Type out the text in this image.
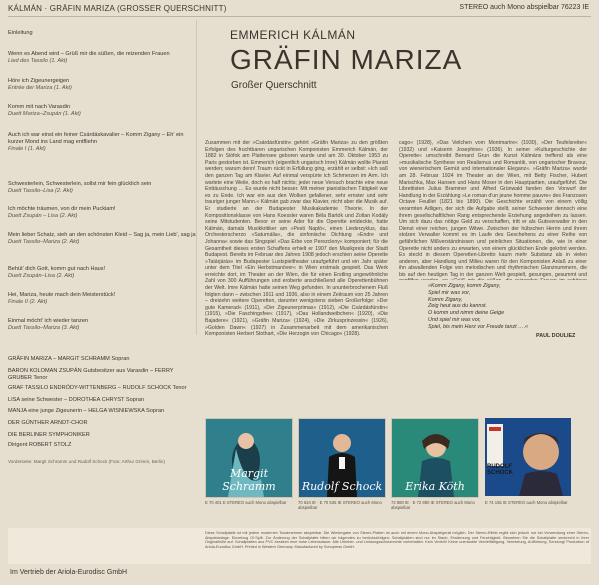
KÁLMÁN · GRÄFIN MARIZA (GROSSER QUERSCHNITT)	STEREO auch Mono abspielbar 76223 IE
Einleitung
Wenn es Abend wird – Grüß mir die süßen, die reizenden Frauen
Lied des Tassilo (1. Akt)
Höre ich Zigeunergeigen
Entrée der Mariza (1. Akt)
Komm mit nach Varasdin
Duett Mariza–Zsupán (1. Akt)
Auch ich war einst ein feiner Csárdáskavalier – Komm Zigany – Eh' ein kurzer Mond ins Land mag entfliehn
Finale I (1. Akt)
Schwesterlein, Schwesterlein, sollst mir fein glücklich sein
Duett Tassilo–Lisa (2. Akt)
Ich möchte träumen, von dir mein Puckiam!
Duett Zsupán – Lisa (2. Akt)
Mein lieber Schatz, sieh an den schönsten Kleid – Sag ja, mein Lieb', sag ja
Duett Tassilo–Mariza (2. Akt)
Behüt' dich Gott, komm gut nach Haus!
Duett Zsupán–Lisa (2. Akt)
Hei, Mariza, heute mach dein Meisterstück!
Finale II (2. Akt)
Einmal möcht' ich wieder tanzen
Duett Tassilo–Mariza (3. Akt)
EMMERICH KÁLMÁN
GRÄFIN MARIZA
Großer Querschnitt
Zusammen mit der »Csárdásfürstin« gehört »Gräfin Mariza« zu den größten Erfolgen des fruchtbaren ungarischen Komponisten Emmerich Kálmán, der 1882 in Siófok am Plattensee geboren wurde und am 30. Oktober 1953 zu Paris gestorben ist. Emmerich (eigentlich ungarisch Imre) Kálmán wollte Pianist werden; warum denn! Traum rückt in Erfüllung ging, erzählt er selbst: »Ich saß den ganzen Tag am Klavier. Auf einmal verspürte ich Schmerzen im Arm. Ich wartete eine Weile, doch es half nichts; jeder neue Versuch brachte eine neue Enttäuschung … Es wurde nicht besser. Mit meiner pianistischen Tätigkeit war es zu Ende. Ich war ein aus den Wolken gefallener, sehr ernster und sehr trauriger junger Mann.« Kálmán gab zwar das Klavier, nicht aber die Musik auf. Er studierte an der Budapester Musikakademie Theorie. In der Kompositionsklasse von Hans Koessler waren Béla Bartók und Zoltan Kodály seine Mitstudenten. Bevor er seine Ader für die Operette entdeckte, hatte Kálmán, damals Musikkritiker am »Pesti Napló«, einen Liederzyklus, das Orchesterscherzo »Saturnália«, die sinfonische Dichtung »Endre und Johanna« sowie das Singspiel »Das Erbe von Perezcleny« komponiert; für die Gesamtheit dieses ersten Schaffens erhielt er 1907 den Musikpreis der Stadt Budapest. Bereits im Februar des Jahres 1908 jedoch erschien seine Operette »Tatárjárás« im Budapester Lustspieltheater uraufgeführt und ein Jahr später unter dem Titel »Ein Herbstmanöver« in Wien erstmals gespielt. Das Werk erreichte dort, im Theater an der Wien, die für einen Erstling ungewöhnliche Zahl von 300 Aufführungen und eroberte anschließend alle Operettenbühnen der Welt. Imre Kálmán hatte seinen Weg gefunden. In ununterbrochenem Fluß folgten dann – zwischen 1911 und 1936, also in einem Zeitraum von 25 Jahren – dreizehn weitere Operetten, darunter wenigstens sieben Großerfolge: »Der gute Kamerad« (1911), »Der Zigeunerprimas« (1912), »Die Csárdásfürstin« (1915), »Die Faschingsfee« (1917), »Das Hollandweibchen« (1920), »Die Bajadere« (1921), »Gräfin Mariza« (1924), »Die Zirkusprinzessin« (1926), »Golden Dawn« (1927) in Zusammenarbeit mit dem amerikanischen Komponisten Herbert Stothart, »Die Herzogin von Chicago« (1928).
cago« (1928), »Das Veilchen vom Montmartre« (1930), »Der Teufelsreiter« (1932) und »Kaiserin Josephine« (1936). In seiner »Kulturgeschichte der Operette« umschreibt Bernard Grun die Kunst Kálmáns treffend als eine »musikalische Synthese von Realismus und Romantik, von ungarischer Bravour, von wienerischem Gemüt und internationaler Eleganz«. »Gräfin Mariza« wurde am 28. Februar 1924 im Theater an der Wien, mit Betty Fischer, Hubert Marischka, Max Hansen und Hans Moser in den Hauptpartien, uraufgeführt. Die Librettisten Julius Brammer und Alfred Grünwald fanden den Vorwurf der Handlung in der Erzählung »Le roman d'un jeune homme pauvre« des Franzosen Octave Feuillet (1821 bis 1890). Die Geschichte erzählt von einem völlig verarmten Adligen, der sich die Aufgabe stellt, seiner Schwester dennoch eine ihrem gesellschaftlichen Rang entsprechende Erziehung angedeihen zu lassen. Um sich dazu das nötige Geld zu verschaffen, tritt er als Gutsverwalter in den Dienst einer reichen, jungen Witwe. Zwischen der hübschen Herrin und ihrem stolzen Verwalter kommt es im Laufe des Geschehens zu einer Reihe von gefährlichen Mißverständnissen und peinlichen Situationen, die, wie in einer Operette nicht anders zu erwarten, von einem glücklichen Ende gekrönt werden. Es steckt in diesem Operetten-Libretto kaum mehr Substanz als in vielen anderen, aber Handlung und Milieu waren für den Komponisten Anlaß zu einer ihn abwallenden Folge von melodischen und rhythmischen Glanznummern, die bis auf den heutigen Tag in der ganzen Welt gespielt, gesungen, gesummt und
»Komm Zigany, komm Zigany,
Spiel mir was vor,
Komm Zigany,
Zeig heut aus du kannst.
O komm und nimm deine Geige
Und spiel mir was vor,
Spiel, bis mein Herz vor Freude tanzt ….«
PAUL DOULIEZ
GRÄFIN MARIZA – MARGIT SCHRAMM Sopran
BARON KOLOMAN ZSUPÁN Gutsbesitzer aus Varasdin – FERRY GRUBER Tenor
GRAF TASSILO ENDRÖDY-WITTENBERG – RUDOLF SCHOCK Tenor
LISA seine Schwester – DOROTHEA CHRYST Sopran
MANJA eine junge Zigeunerin – HELGA WISNIEWSKA Sopran
DER GÜNTHER ARNDT-CHOR
DIE BERLINER SYMPHONIKER
Dirigent ROBERT STOLZ
Vorderseite: Margit Schramm und Rudolf Schock (Foto: Arthur Grimm, Berlin)
Margit Schramm
E 70 401 E STEREO auch Mono abspielbar
Rudolf Schock
70 534 IE · E 70 535 IE STEREO auch Mono abspielbar
Erika Köth
72 880 IE · E 72 880 IE STEREO auch Mono abspielbar
RUDOLF SCHOCK
E 74 155 IE STEREO auch Mono abspielbar
Diese Schallplatte ist mit jedem modernen Tonabnehmer abspielbar. Die Wiedergabe von Stereo-Platten ist auch mit einem Mono-Abspielgerät möglich. Der Stereo-Effekt ergibt sich jedoch nur bei Verwendung einer Stereo-Abspielanlage. Einzelzug Ol·Split. Zur Änderung der Schallplatte bitten wir folgendes zu berücksichtigen: Schallplatten sind nur im Staub, Erwärmung und Feuchtigkeit. Bewahren Sie die Schallplatte senkrecht in ihrer Originalhülle auf. Schallplatten aus PVC besitzen eine hohe Lebensdauer. Alle Urheber- und Leistungsschutzrechte vorbehalten. Kein Verleih! Keine unerlaubte Vervielfältigung, Vermietung, Aufführung, Sendung! Production of Ariola-Eurodisc GmbH. Printed in Western Germany. Manufactured by Sonopress GmbH.
Im Vertrieb der Ariola-Eurodisc GmbH
